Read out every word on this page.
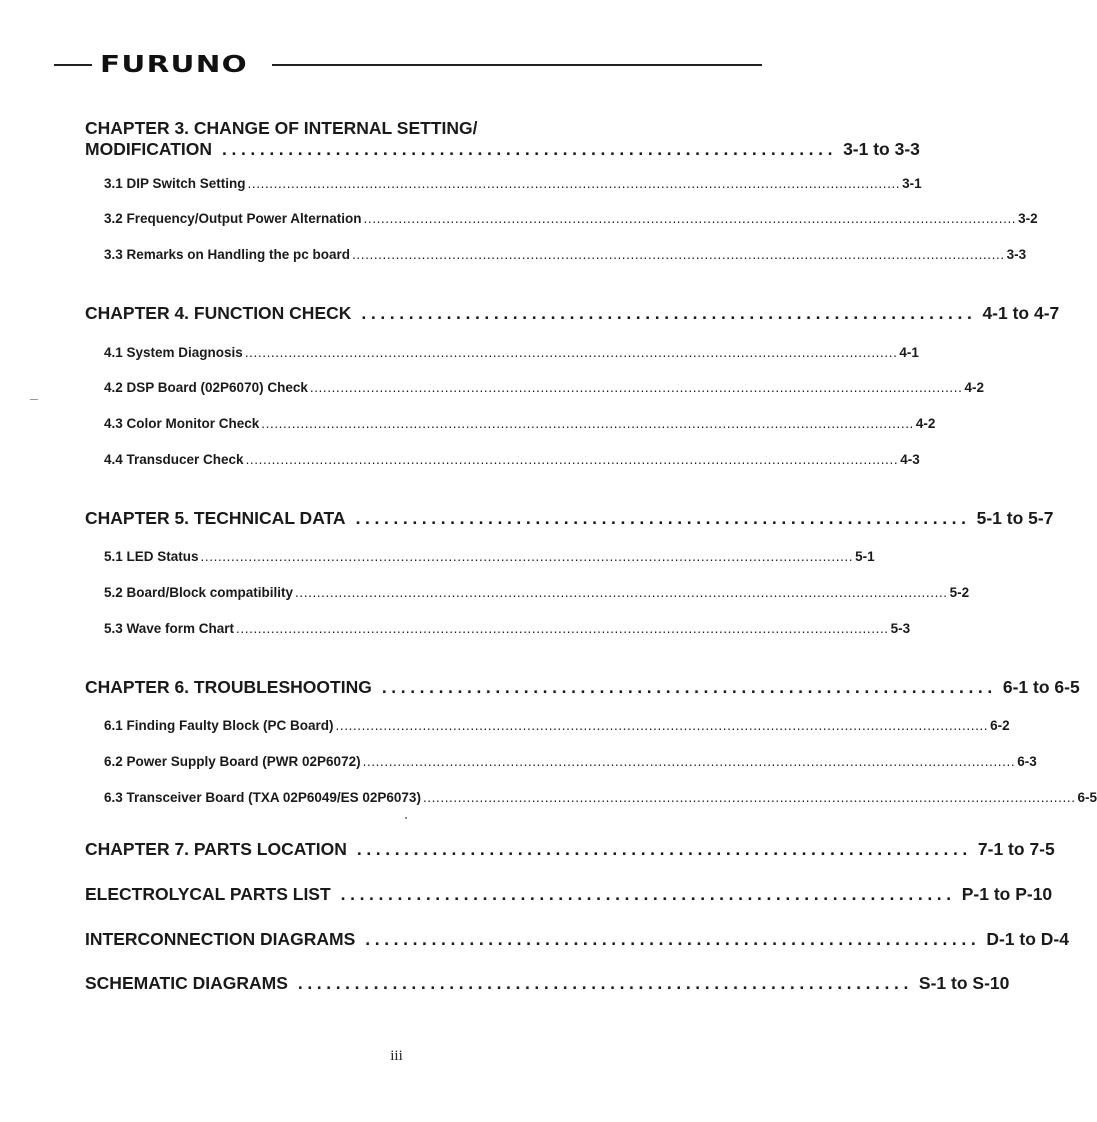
FURUNO
CHAPTER 3. CHANGE OF INTERNAL SETTING/
MODIFICATION ................................................................. 3-1 to 3-3
3.1 DIP Switch Setting ...................................................................................................................................................... 3-1
3.2 Frequency/Output Power Alternation ...................................................................................................................................................... 3-2
3.3 Remarks on Handling the pc board ...................................................................................................................................................... 3-3
CHAPTER 4. FUNCTION CHECK ................................................................. 4-1 to 4-7
4.1 System Diagnosis ...................................................................................................................................................... 4-1
4.2 DSP Board (02P6070) Check ...................................................................................................................................................... 4-2
4.3 Color Monitor Check ...................................................................................................................................................... 4-2
4.4 Transducer Check ...................................................................................................................................................... 4-3
CHAPTER 5. TECHNICAL DATA ................................................................. 5-1 to 5-7
5.1 LED Status ...................................................................................................................................................... 5-1
5.2 Board/Block compatibility ...................................................................................................................................................... 5-2
5.3 Wave form Chart ...................................................................................................................................................... 5-3
CHAPTER 6. TROUBLESHOOTING ................................................................. 6-1 to 6-5
6.1 Finding Faulty Block (PC Board) ...................................................................................................................................................... 6-2
6.2 Power Supply Board (PWR 02P6072) ...................................................................................................................................................... 6-3
6.3 Transceiver Board (TXA 02P6049/ES 02P6073) ...................................................................................................................................................... 6-5
CHAPTER 7. PARTS LOCATION ................................................................. 7-1 to 7-5
ELECTROLYCAL PARTS LIST ................................................................. P-1 to P-10
INTERCONNECTION DIAGRAMS ................................................................. D-1 to D-4
SCHEMATIC DIAGRAMS ................................................................. S-1 to S-10
iii
